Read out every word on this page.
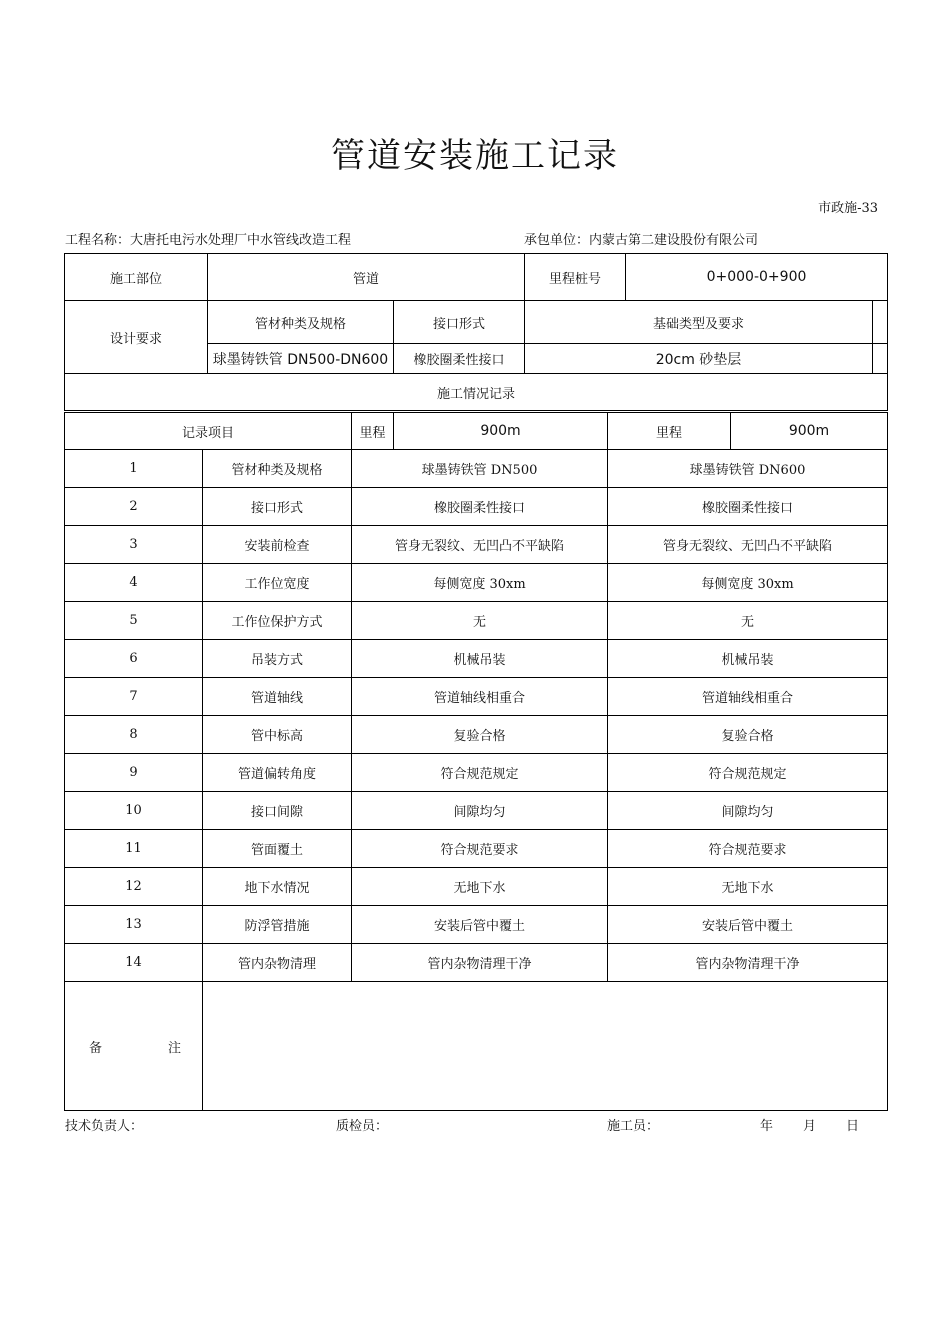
管道安装施工记录
市政施-33
工程名称：大唐托电污水处理厂中水管线改造工程	承包单位：内蒙古第二建设股份有限公司
施工部位	管道		里程桩号	0+000-0+900	
设计要求	管材种类及规格	接口形式	基础类型及要求		
	球墨铸铁管 DN500-DN600	橡胶圈柔性接口	20cm 砂垫层		
施工情况记录					
记录项目		里程	900m	里程	900m
1	管材种类及规格	球墨铸铁管 DN500		球墨铸铁管 DN600	
2	接口形式	橡胶圈柔性接口		橡胶圈柔性接口	
3	安装前检查	管身无裂纹、无凹凸不平缺陷		管身无裂纹、无凹凸不平缺陷	
4	工作位宽度	每侧宽度 30xm		每侧宽度 30xm	
5	工作位保护方式	无		无	
6	吊装方式	机械吊装		机械吊装	
7	管道轴线	管道轴线相重合		管道轴线相重合	
8	管中标高	复验合格		复验合格	
9	管道偏转角度	符合规范规定		符合规范规定	
10	接口间隙	间隙均匀		间隙均匀	
11	管面覆土	符合规范要求		符合规范要求	
12	地下水情况	无地下水		无地下水	
13	防浮管措施	安装后管中覆土		安装后管中覆土	
14	管内杂物清理	管内杂物清理干净		管内杂物清理干净	
备 注					
技术负责人：	质检员：	施工员：	年 月 日
